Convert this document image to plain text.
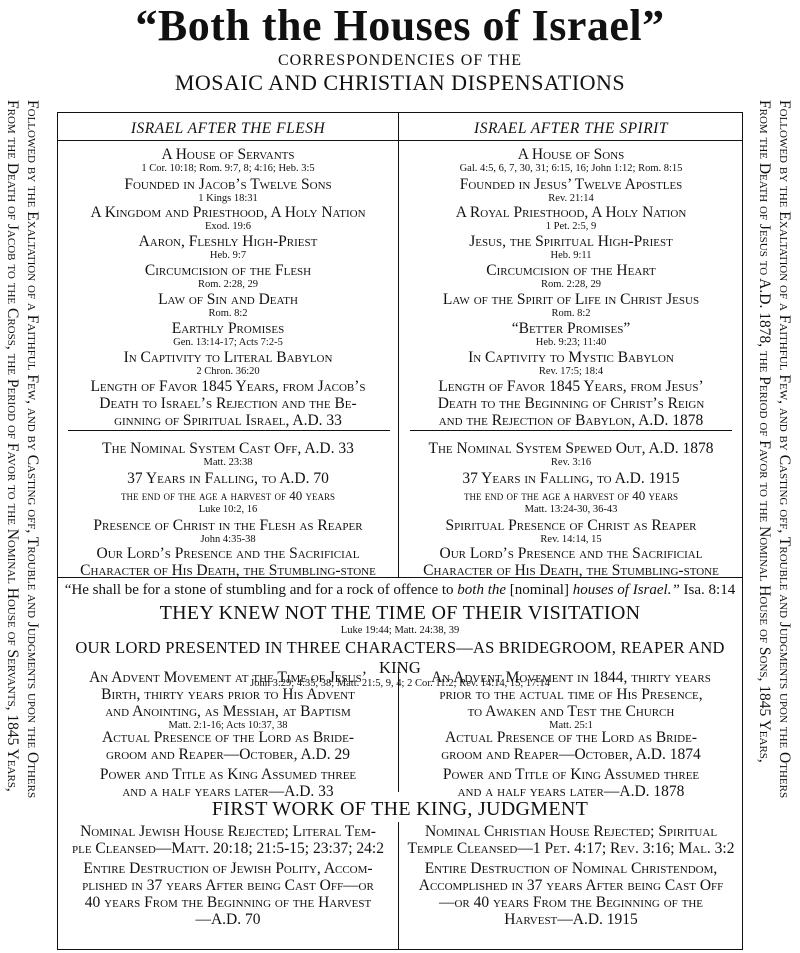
“Both the Houses of Israel”
CORRESPONDENCIES OF THE
MOSAIC AND CHRISTIAN DISPENSATIONS
From the Death of Jacob to the Cross, the Period of Favor to the Nominal House of Servants, 1845 Years, Followed by the Exaltation of a Faithful Few, and by Casting off, Trouble and Judgments upon the Others	From the Death of Jesus to A.D. 1878, the Period of Favor to the Nominal House of Sons, 1845 Years, Followed by the Exaltation of a Faithful Few, and by Casting off, Trouble and Judgments upon the Others
ISRAEL AFTER THE FLESH	ISRAEL AFTER THE SPIRIT
A House of Servants
1 Cor. 10:18; Rom. 9:7, 8; 4:16; Heb. 3:5
Founded in Jacob’s Twelve Sons
1 Kings 18:31
A Kingdom and Priesthood, A Holy Nation
Exod. 19:6
Aaron, Fleshly High-Priest
Heb. 9:7
Circumcision of the Flesh
Rom. 2:28, 29
Law of Sin and Death
Rom. 8:2
Earthly Promises
Gen. 13:14-17; Acts 7:2-5
In Captivity to Literal Babylon
2 Chron. 36:20
Length of Favor 1845 Years, from Jacob’s
Death to Israel’s Rejection and the Be-
ginning of Spiritual Israel, A.D. 33
A House of Sons
Gal. 4:5, 6, 7, 30, 31; 6:15, 16; John 1:12; Rom. 8:15
Founded in Jesus’ Twelve Apostles
Rev. 21:14
A Royal Priesthood, A Holy Nation
1 Pet. 2:5, 9
Jesus, the Spiritual High-Priest
Heb. 9:11
Circumcision of the Heart
Rom. 2:28, 29
Law of the Spirit of Life in Christ Jesus
Rom. 8:2
“Better Promises”
Heb. 9:23; 11:40
In Captivity to Mystic Babylon
Rev. 17:5; 18:4
Length of Favor 1845 Years, from Jesus’
Death to the Beginning of Christ’s Reign
and the Rejection of Babylon, A.D. 1878
The Nominal System Cast Off, A.D. 33
Matt. 23:38
37 Years in Falling, to A.D. 70
the end of the age a harvest of 40 years
Luke 10:2, 16
Presence of Christ in the Flesh as Reaper
John 4:35-38
Our Lord’s Presence and the Sacrificial
Character of His Death, the Stumbling-stone
The Nominal System Spewed Out, A.D. 1878
Rev. 3:16
37 Years in Falling, to A.D. 1915
the end of the age a harvest of 40 years
Matt. 13:24-30, 36-43
Spiritual Presence of Christ as Reaper
Rev. 14:14, 15
Our Lord’s Presence and the Sacrificial
Character of His Death, the Stumbling-stone
“He shall be for a stone of stumbling and for a rock of offence to both the [nominal] houses of Israel.” Isa. 8:14
THEY KNEW NOT THE TIME OF THEIR VISITATION
Luke 19:44; Matt. 24:38, 39
OUR LORD PRESENTED IN THREE CHARACTERS—AS BRIDEGROOM, REAPER AND KING
John 3:29; 4:35, 38; Matt. 21:5, 9, 4; 2 Cor. 11:2; Rev. 14:14, 15; 17:14
An Advent Movement at the Time of Jesus’
Birth, thirty years prior to His Advent
and Anointing, as Messiah, at Baptism
Matt. 2:1-16; Acts 10:37, 38
An Advent Movement in 1844, thirty years
prior to the actual time of His Presence,
to Awaken and Test the Church
Matt. 25:1
Actual Presence of the Lord as Bride-
groom and Reaper—October, A.D. 29
Actual Presence of the Lord as Bride-
groom and Reaper—October, A.D. 1874
Power and Title as King Assumed three
and a half years later—A.D. 33
Power and Title of King Assumed three
and a half years later—A.D. 1878
FIRST WORK OF THE KING, JUDGMENT
Nominal Jewish House Rejected; Literal Tem-
ple Cleansed—Matt. 20:18; 21:5-15; 23:37; 24:2
Nominal Christian House Rejected; Spiritual
Temple Cleansed—1 Pet. 4:17; Rev. 3:16; Mal. 3:2
Entire Destruction of Jewish Polity, Accom-
plished in 37 years After being Cast Off—or
40 years From the Beginning of the Harvest
—A.D. 70
Entire Destruction of Nominal Christendom,
Accomplished in 37 years After being Cast Off
—or 40 years From the Beginning of the
Harvest—A.D. 1915
